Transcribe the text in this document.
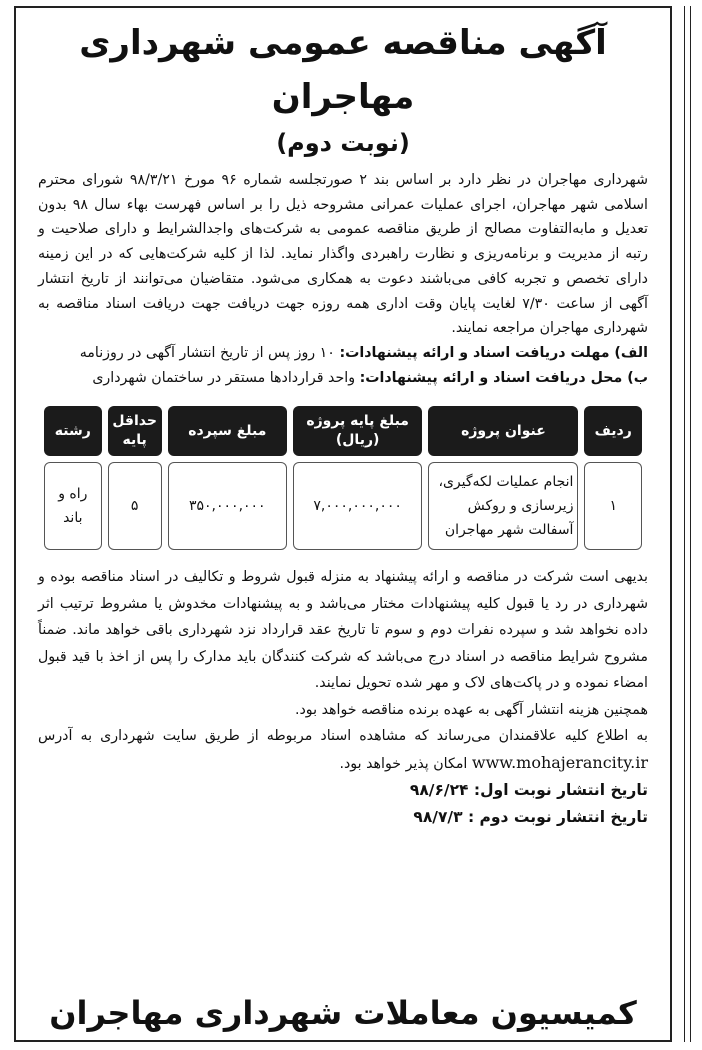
آگهی مناقصه عمومی شهرداری مهاجران
(نوبت دوم)

شهرداری مهاجران در نظر دارد بر اساس بند ۲ صورتجلسه شماره ۹۶ مورخ ۹۸/۳/۲۱ شورای محترم اسلامی شهر مهاجران، اجرای عملیات عمرانی مشروحه ذیل را بر اساس فهرست بهاء سال ۹۸ بدون تعدیل و مابه‌التفاوت مصالح از طریق مناقصه عمومی به شرکت‌های واجدالشرایط و دارای صلاحیت و رتبه از مدیریت و برنامه‌ریزی و نظارت راهبردی واگذار نماید. لذا از کلیه شرکت‌هایی که در این زمینه دارای تخصص و تجربه کافی می‌باشند دعوت به همکاری می‌شود. متقاضیان می‌توانند از تاریخ انتشار آگهی از ساعت ۷/۳۰ لغایت پایان وقت اداری همه روزه جهت دریافت جهت دریافت اسناد مناقصه به شهرداری مهاجران مراجعه نمایند.

الف) مهلت دریافت اسناد و ارائه پیشنهادات: ۱۰ روز پس از تاریخ انتشار آگهی در روزنامه

ب) محل دریافت اسناد و ارائه پیشنهادات: واحد قراردادها مستقر در ساختمان شهرداری

ردیف	عنوان پروژه	مبلغ پایه پروژه (ریال)	مبلغ سپرده	حداقل پایه	رشته
۱	انجام عملیات لکه‌گیری، زیرسازی و روکش آسفالت شهر مهاجران	۷,۰۰۰,۰۰۰,۰۰۰	۳۵۰,۰۰۰,۰۰۰	۵	راه و باند

بدیهی است شرکت در مناقصه و ارائه پیشنهاد به منزله قبول شروط و تکالیف در اسناد مناقصه بوده و شهرداری در رد یا قبول کلیه پیشنهادات مختار می‌باشد و به پیشنهادات مخدوش یا مشروط ترتیب اثر داده نخواهد شد و سپرده نفرات دوم و سوم تا تاریخ عقد قرارداد نزد شهرداری باقی خواهد ماند. ضمناً مشروح شرایط مناقصه در اسناد درج می‌باشد که شرکت کنندگان باید مدارک را پس از اخذ با قید قبول امضاء نموده و در پاکت‌های لاک و مهر شده تحویل نمایند.

همچنین هزینه انتشار آگهی به عهده برنده مناقصه خواهد بود.

به اطلاع کلیه علاقمندان می‌رساند که مشاهده اسناد مربوطه از طریق سایت شهرداری به آدرس www.mohajerancity.ir امکان پذیر خواهد بود.

تاریخ انتشار نوبت اول: ۹۸/۶/۲۴

تاریخ انتشار نوبت دوم : ۹۸/۷/۳

کمیسیون معاملات شهرداری مهاجران
